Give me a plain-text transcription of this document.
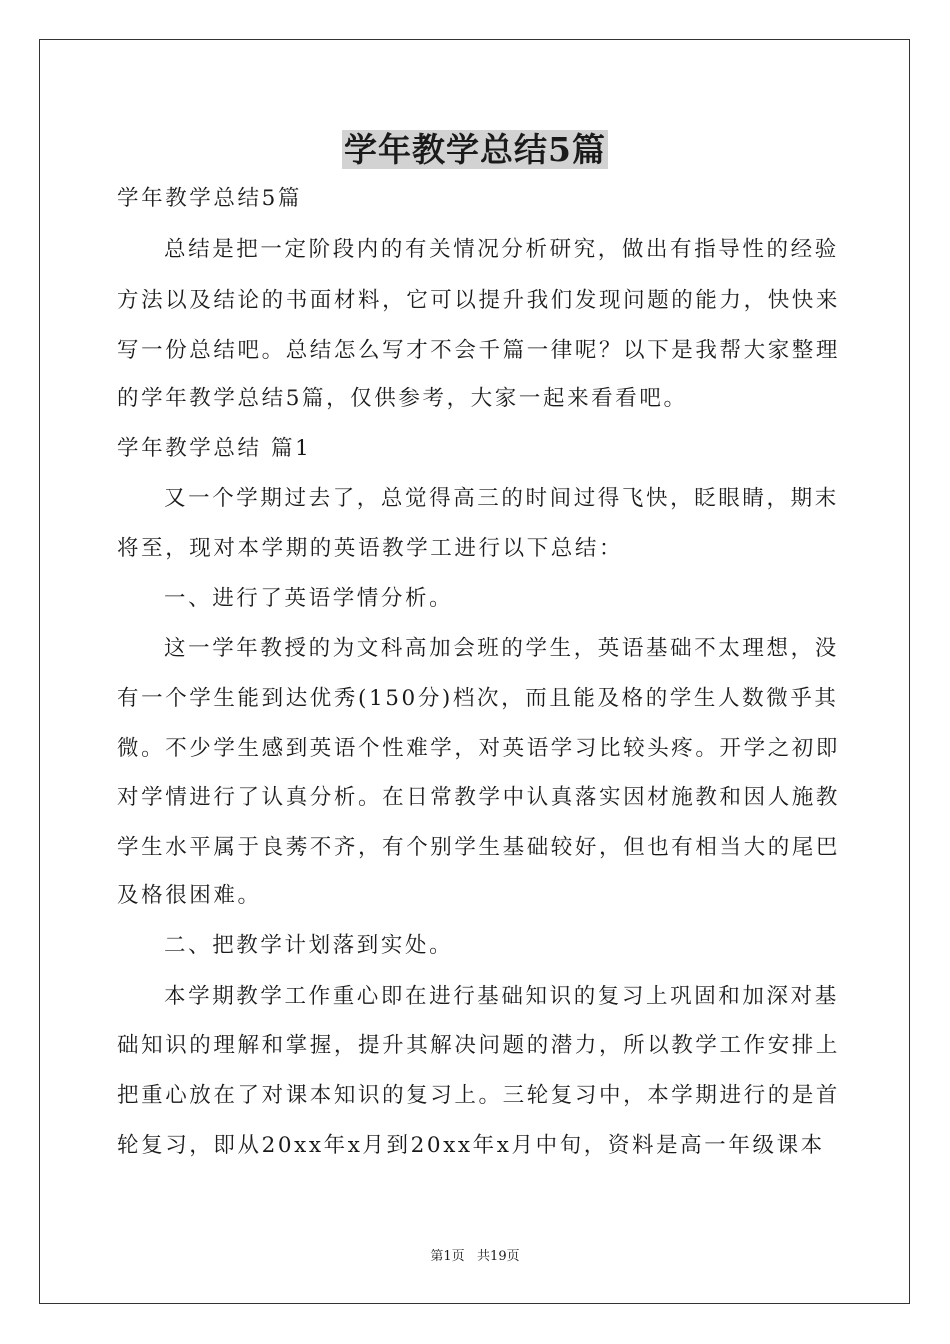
学年教学总结5篇
学年教学总结5篇
总结是把一定阶段内的有关情况分析研究，做出有指导性的经验
方法以及结论的书面材料，它可以提升我们发现问题的能力，快快来
写一份总结吧。总结怎么写才不会千篇一律呢？以下是我帮大家整理
的学年教学总结5篇，仅供参考，大家一起来看看吧。
学年教学总结 篇1
又一个学期过去了，总觉得高三的时间过得飞快，眨眼睛，期末
将至，现对本学期的英语教学工进行以下总结：
一、进行了英语学情分析。
这一学年教授的为文科高加会班的学生，英语基础不太理想，没
有一个学生能到达优秀(150分)档次，而且能及格的学生人数微乎其
微。不少学生感到英语个性难学，对英语学习比较头疼。开学之初即
对学情进行了认真分析。在日常教学中认真落实因材施教和因人施教
学生水平属于良莠不齐，有个别学生基础较好，但也有相当大的尾巴
及格很困难。
二、把教学计划落到实处。
本学期教学工作重心即在进行基础知识的复习上巩固和加深对基
础知识的理解和掌握，提升其解决问题的潜力，所以教学工作安排上
把重心放在了对课本知识的复习上。三轮复习中，本学期进行的是首
轮复习，即从20xx年x月到20xx年x月中旬，资料是高一年级课本
第1页   共19页
